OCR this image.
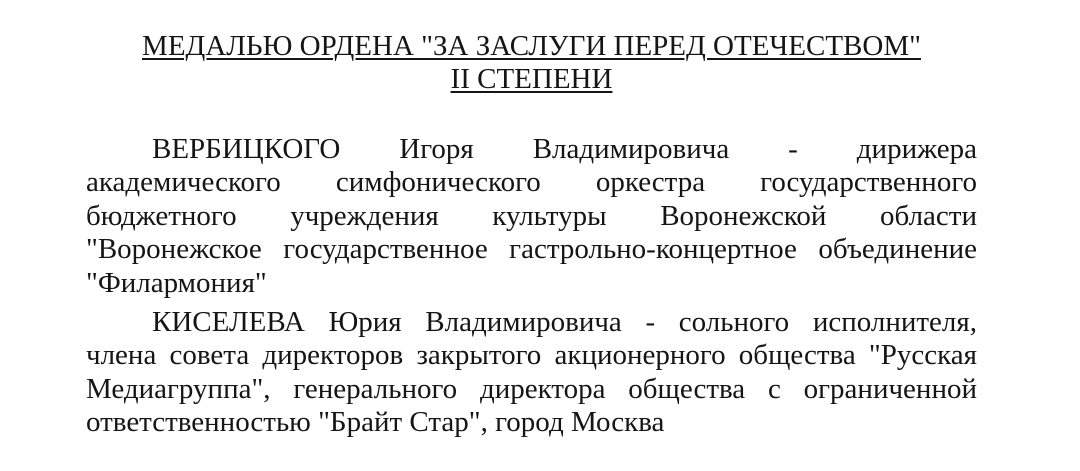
МЕДАЛЬЮ ОРДЕНА "ЗА ЗАСЛУГИ ПЕРЕД ОТЕЧЕСТВОМ"
II СТЕПЕНИ
ВЕРБИЦКОГО Игоря Владимировича - дирижера
академического симфонического оркестра государственного
бюджетного учреждения культуры Воронежской области
"Воронежское государственное гастрольно-концертное объединение
"Филармония"
КИСЕЛЕВА Юрия Владимировича - сольного исполнителя,
члена совета директоров закрытого акционерного общества "Русская
Медиагруппа", генерального директора общества с ограниченной
ответственностью "Брайт Стар", город Москва
